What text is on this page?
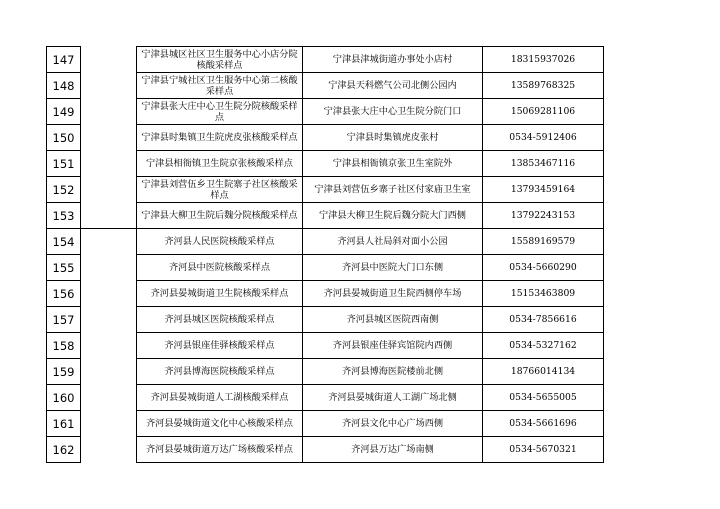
147	宁津县城区社区卫生服务中心小店分院核酸采样点	宁津县津城街道办事处小店村	18315937026
148	宁津县宁城社区卫生服务中心第二核酸采样点	宁津县天科燃气公司北侧公园内	13589768325
149	宁津县张大庄中心卫生院分院核酸采样点	宁津县张大庄中心卫生院分院门口	15069281106
150	宁津县时集镇卫生院虎皮张核酸采样点	宁津县时集镇虎皮张村	0534-5912406
151	宁津县相衙镇卫生院京张核酸采样点	宁津县相衙镇京张卫生室院外	13853467116
152	宁津县刘营伍乡卫生院寨子社区核酸采样点	宁津县刘营伍乡寨子社区付家庙卫生室	13793459164
153	宁津县大柳卫生院后魏分院核酸采样点	宁津县大柳卫生院后魏分院大门西侧	13792243153
154	齐河县人民医院核酸采样点	齐河县人社局斜对面小公园	15589169579
155	齐河县中医院核酸采样点	齐河县中医院大门口东侧	0534-5660290
156	齐河县晏城街道卫生院核酸采样点	齐河县晏城街道卫生院西侧停车场	15153463809
157	齐河县城区医院核酸采样点	齐河县城区医院西南侧	0534-7856616
158	齐河县银座佳驿核酸采样点	齐河县银座佳驿宾馆院内西侧	0534-5327162
159	齐河县博海医院核酸采样点	齐河县博海医院楼前北侧	18766014134
160	齐河县晏城街道人工湖核酸采样点	齐河县晏城街道人工湖广场北侧	0534-5655005
161	齐河县晏城街道文化中心核酸采样点	齐河县文化中心广场西侧	0534-5661696
162	齐河县晏城街道万达广场核酸采样点	齐河县万达广场南侧	0534-5670321
